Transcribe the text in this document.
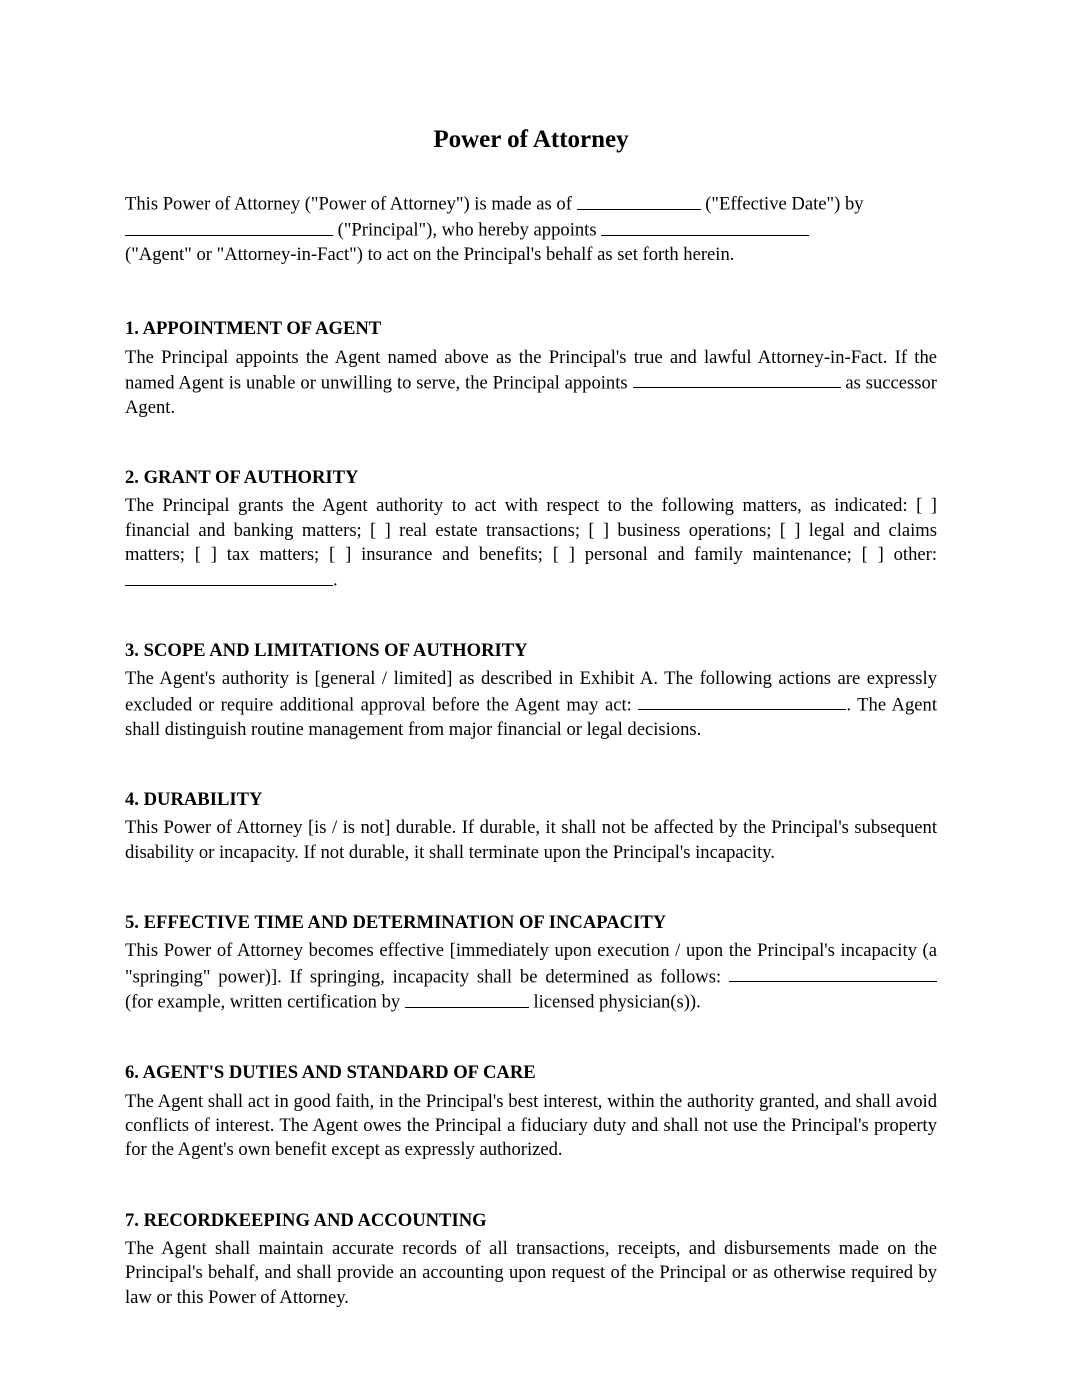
Power of Attorney

This Power of Attorney ("Power of Attorney") is made as of	("Effective Date") by  ("Principal"), who hereby appoints
("Agent" or "Attorney-in-Fact") to act on the Principal's behalf as set forth herein.

1. APPOINTMENT OF AGENT

The Principal appoints the Agent named above as the Principal's true and lawful Attorney-in-Fact. If the named Agent is unable or unwilling to serve, the Principal appoints	as successor Agent.

2. GRANT OF AUTHORITY

The Principal grants the Agent authority to act with respect to the following matters, as indicated: [ ] financial and banking matters; [ ] real estate transactions; [ ] business operations; [ ] legal and claims matters; [ ] tax matters; [ ] insurance and benefits; [ ] personal and family maintenance; [ ] other: .

3. SCOPE AND LIMITATIONS OF AUTHORITY

The Agent's authority is [general / limited] as described in Exhibit A. The following actions are expressly excluded or require additional approval before the Agent may act:	. The Agent shall distinguish routine management from major financial or legal decisions.

4. DURABILITY

This Power of Attorney [is / is not] durable. If durable, it shall not be affected by the Principal's subsequent disability or incapacity. If not durable, it shall terminate upon the Principal's incapacity.

5. EFFECTIVE TIME AND DETERMINATION OF INCAPACITY

This Power of Attorney becomes effective [immediately upon execution / upon the Principal's incapacity (a "springing" power)]. If springing, incapacity shall be determined as follows:  (for example, written certification by	licensed physician(s)).

6. AGENT'S DUTIES AND STANDARD OF CARE

The Agent shall act in good faith, in the Principal's best interest, within the authority granted, and shall avoid conflicts of interest. The Agent owes the Principal a fiduciary duty and shall not use the Principal's property for the Agent's own benefit except as expressly authorized.

7. RECORDKEEPING AND ACCOUNTING

The Agent shall maintain accurate records of all transactions, receipts, and disbursements made on the Principal's behalf, and shall provide an accounting upon request of the Principal or as otherwise required by law or this Power of Attorney.
